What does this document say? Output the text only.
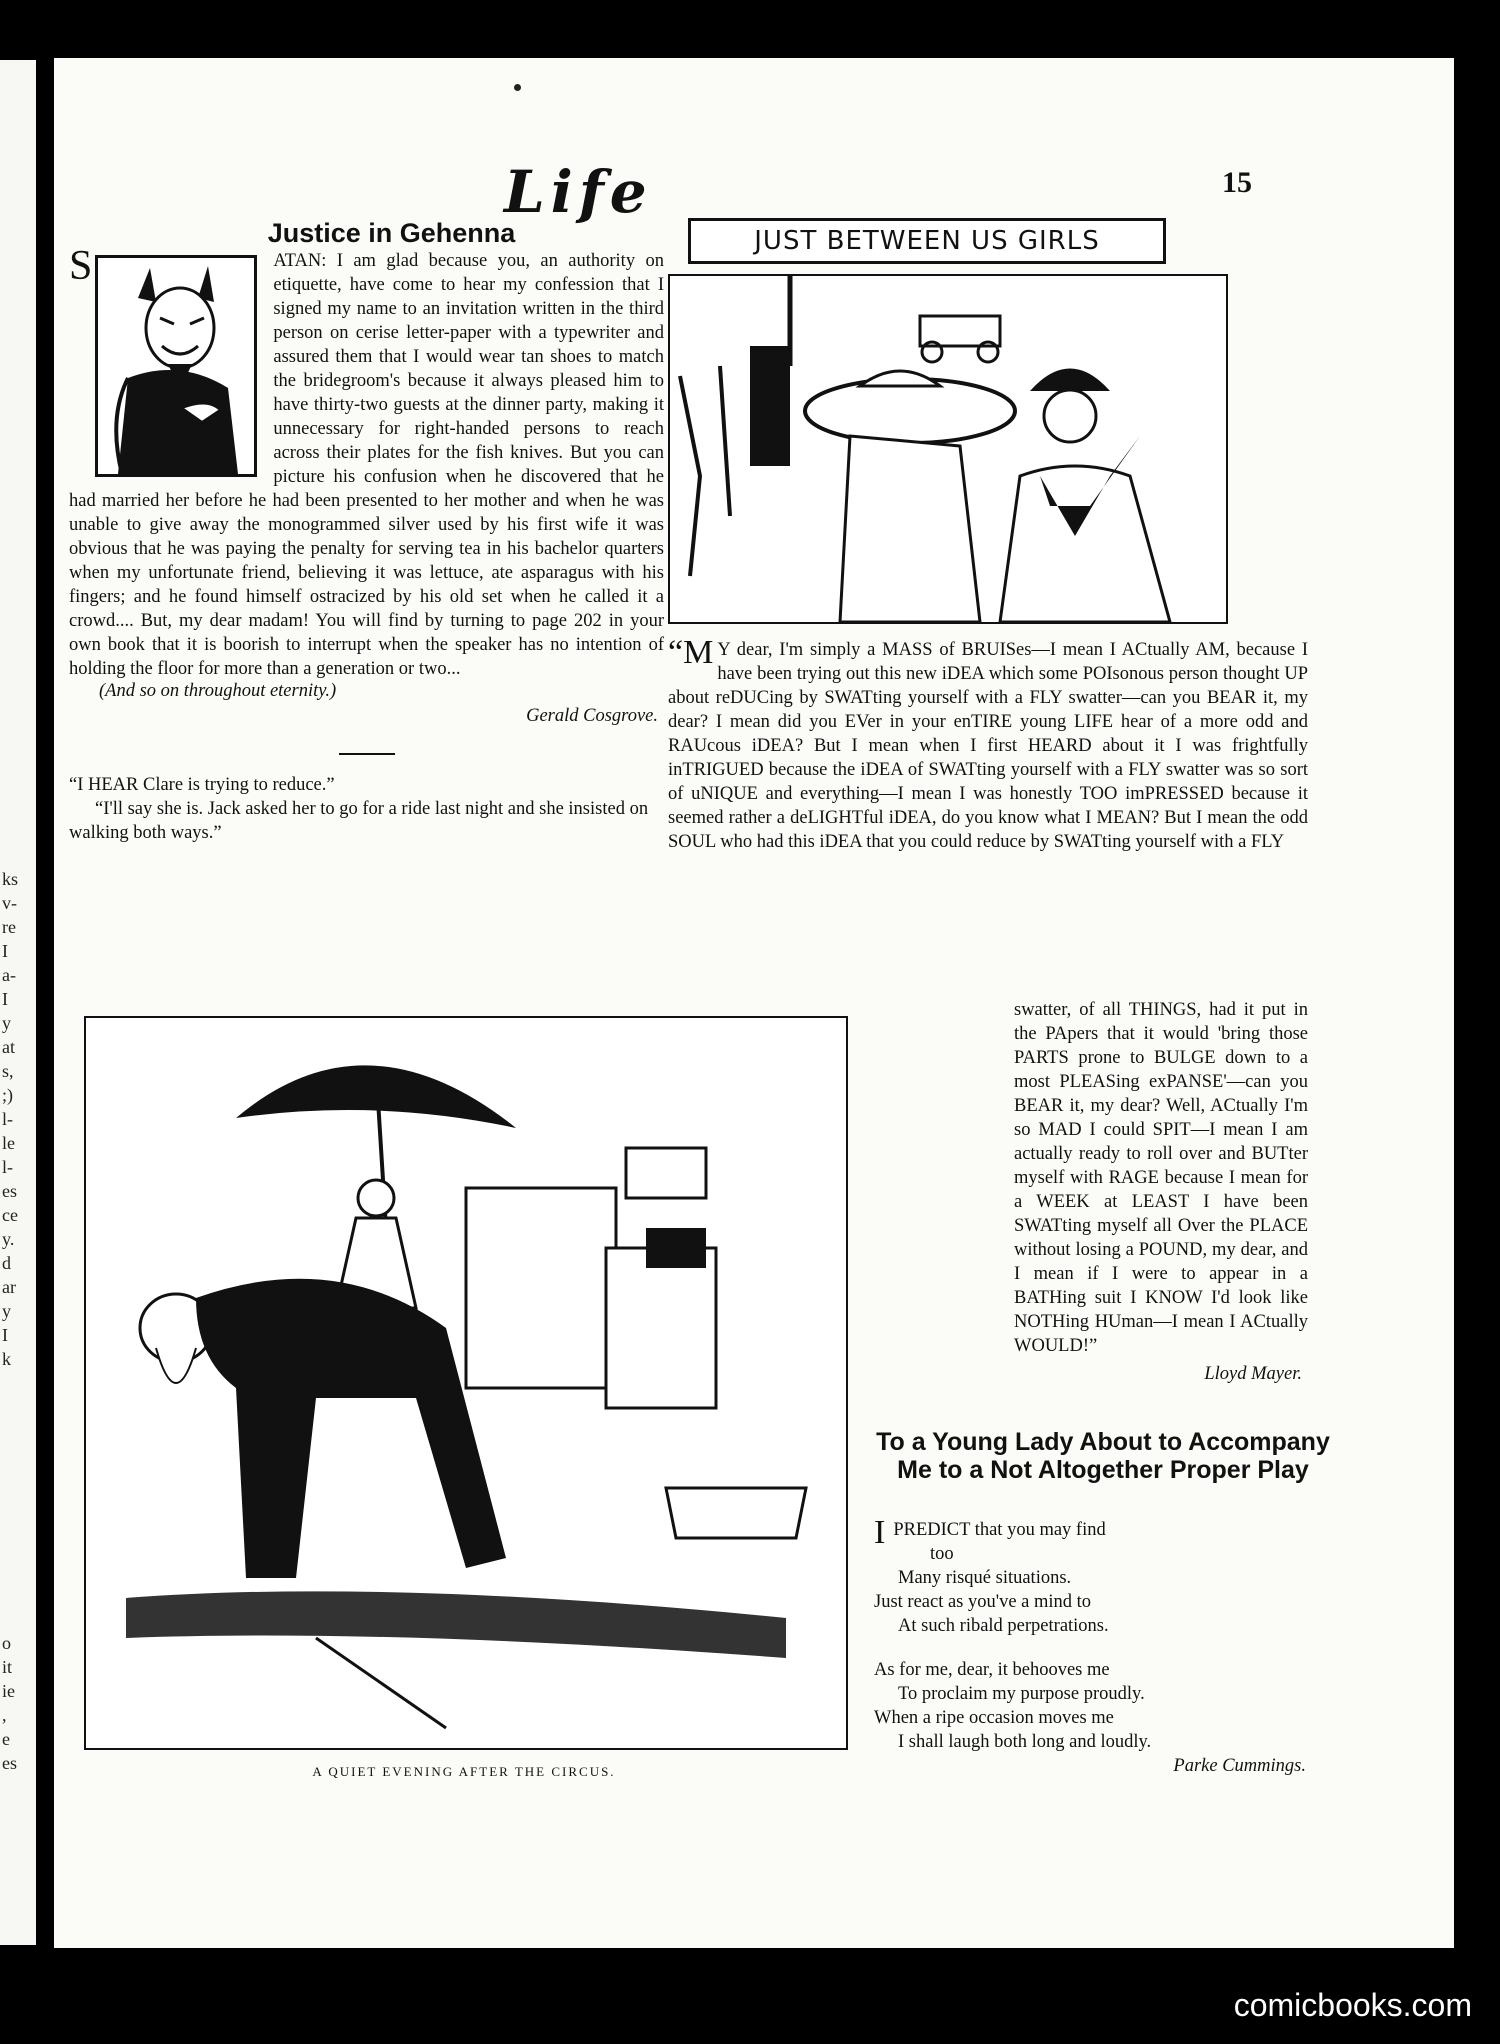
ks
v-
re
I
a-
I
y
at
s,
;)
l-
le
l-
es
ce
y.
d
ar
y
I
k
o
it
ie
,
e
es
Life	15
Justice in Gehenna
S	ATAN: I am glad because you, an authority on etiquette, have come to hear my confession that I signed my name to an invitation written in the third person on cerise letter-paper with a typewriter and assured them that I would wear tan shoes to match the bridegroom's because it always pleased him to have thirty-two guests at the dinner party, making it unnecessary for right-handed persons to reach across their plates for the fish knives. But you can picture his confusion when he discovered that he had married her before he had been presented to her mother and when he was unable to give away the monogrammed silver used by his first wife it was obvious that he was paying the penalty for serving tea in his bachelor quarters when my unfortunate friend, believing it was lettuce, ate asparagus with his fingers; and he found himself ostracized by his old set when he called it a crowd.... But, my dear madam! You will find by turning to page 202 in your own book that it is boorish to interrupt when the speaker has no intention of holding the floor for more than a generation or two...
(And so on throughout eternity.)
Gerald Cosgrove.

“I HEAR Clare is trying to reduce.”

“I'll say she is. Jack asked her to go for a ride last night and she insisted on walking both ways.”

JUST BETWEEN US GIRLS
“M Y dear, I'm simply a MASS of BRUISes—I mean I ACtually AM, because I have been trying out this new iDEA which some POIsonous person thought UP about reDUCing by SWATting yourself with a FLY swatter—can you BEAR it, my dear? I mean did you EVer in your enTIRE young LIFE hear of a more odd and RAUcous iDEA? But I mean when I first HEARD about it I was frightfully inTRIGUED because the iDEA of SWATting yourself with a FLY swatter was so sort of uNIQUE and everything—I mean I was honestly TOO imPRESSED because it seemed rather a deLIGHTful iDEA, do you know what I MEAN? But I mean the odd SOUL who had this iDEA that you could reduce by SWATting yourself with a FLY
swatter, of all THINGS, had it put in the PApers that it would 'bring those PARTS prone to BULGE down to a most PLEASing exPANSE'—can you BEAR it, my dear? Well, ACtually I'm so MAD I could SPIT—I mean I am actually ready to roll over and BUTter myself with RAGE because I mean for a WEEK at LEAST I have been SWATting myself all Over the PLACE without losing a POUND, my dear, and I mean if I were to appear in a BATHing suit I KNOW I'd look like NOTHing HUman—I mean I ACtually WOULD!”
Lloyd Mayer.
A QUIET EVENING AFTER THE CIRCUS.
To a Young Lady About to Accompany Me to a Not Altogether Proper Play
I PREDICT that you may find

too

Many risqué situations.

Just react as you've a mind to

At such ribald perpetrations.

As for me, dear, it behooves me

To proclaim my purpose proudly.

When a ripe occasion moves me

I shall laugh both long and loudly.

Parke Cummings.

comicbooks.com
